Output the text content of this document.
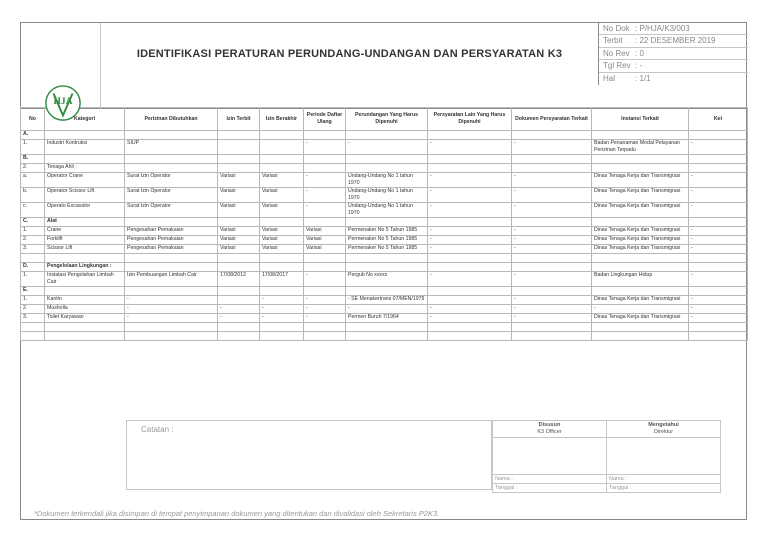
IDENTIFIKASI PERATURAN PERUNDANG-UNDANGAN DAN PERSYARATAN K3
No Dok : P/HJA/K3/003
Terbit	: 22 DESEMBER 2019
No Rev : 0
Tgl Rev : -
Hal	: 1/1
No	Kategori	Perizinan Dibutuhkan	Izin Terbit	Izin Berakhir	Periode Daftar Ulang	Perundangan Yang Harus Dipenuhi	Persyaratan Lain Yang Harus Dipenuhi	Dokumen Persyaratan Terkait	Instansi Terkait	Ket
A.										
1.	Industri Kontruksi	SIUP			-	-	-	-	Badan Penanaman Modal Pelayanan Perizinan Terpadu	-
B.										
2.	Tenaga Ahli :									
a.	Operator Crane	Surat Izin Operator	Variasi	Variasi	-	Undang-Undang No 1 tahun 1970	-	-	Dinas Tenaga Kerja dan Transmigrasi	-
b.	Operator Scissor Lift	Surat Izin Operator	Variasi	Variasi	-	Undang-Undang No 1 tahun 1970	-	-	Dinas Tenaga Kerja dan Transmigrasi	-
c.	Operato Excavator	Surat Izin Operator	Variasi	Variasi	-	Undang-Undang No 1 tahun 1970	-	-	Dinas Tenaga Kerja dan Transmigrasi	-
C.	Alat									
1.	Crane	Pengesahan Pemakaian	Variasi	Variasi	Variasi	Permenaker No 5 Tahun 1985	-	-	Dinas Tenaga Kerja dan Transmigrasi	-
2.	Forklift	Pengesahan Pemakaian	Variasi	Variasi	Variasi	Permenaker No 5 Tahun 1985	-	-	Dinas Tenaga Kerja dan Transmigrasi	-
3.	Scissor Lift	Pengesahan Pemakaian	Variasi	Variasi	Variasi	Permenaker No 5 Tahun 1985	-	-	Dinas Tenaga Kerja dan Transmigrasi	-

D.	Pengelolaan Lingkungan :									
1.	Instalasi Pengolahan Limbah Cair	Izin Pembuangan Limbah Cair	17/08/2012	17/08/2017	-	Pergub No xxxxx	-	-	Badan Lingkungan Hidup	-
E.										
1.	Kantin	-		-	-	- SE Menakertrans 07/MEN/1979		-	Dinas Tenaga Kerja dan Transmigrasi	-
2.	Musholla	-	-	-	-	-	-	-	-	-
3.	Toilet Karyawan	-	-	-	-	Permen Buruh 7/1964	-	-	Dinas Tenaga Kerja dan Transmigrasi	-

HJA
Catatan :	Disusun
K3 Officer	Mengetahui
Direktur

Nama :	Nama :
Tanggal :	Tanggal :
*Dokumen terkendali jika disimpan di tempat penyimpanan dokumen yang ditentukan dan divalidasi oleh Sekretaris P2K3.
